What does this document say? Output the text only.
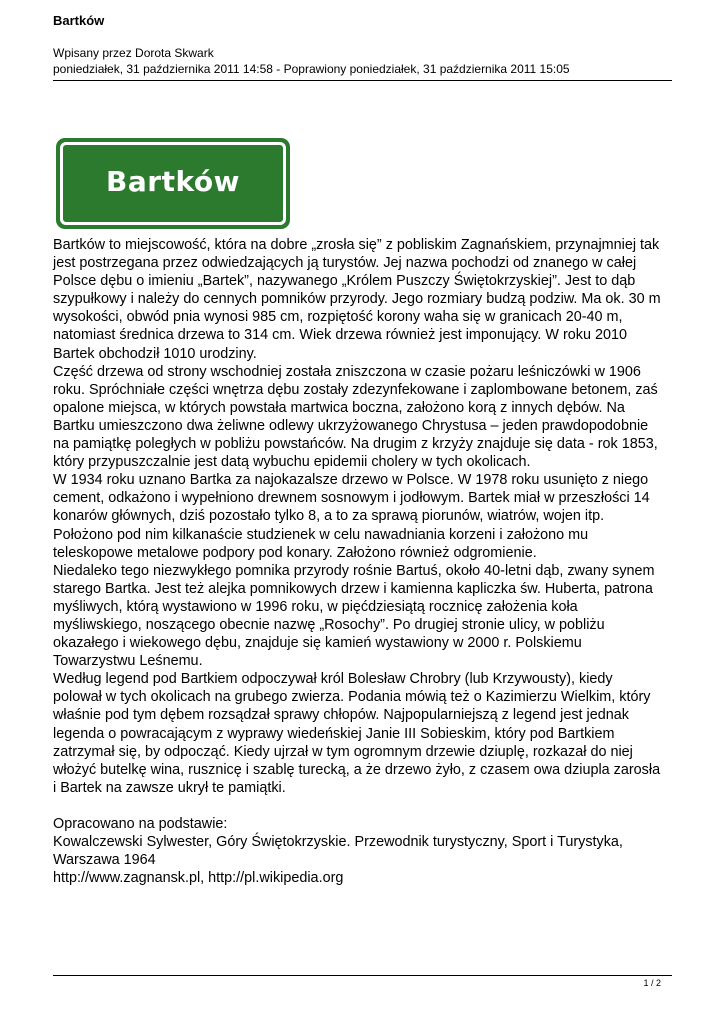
Bartków
Wpisany przez Dorota Skwark
poniedziałek, 31 października 2011 14:58 - Poprawiony poniedziałek, 31 października 2011 15:05
Bartków
Bartków to miejscowość, która na dobre „zrosła się” z pobliskim Zagnańskiem, przynajmniej tak
jest postrzegana przez odwiedzających ją turystów. Jej nazwa pochodzi od znanego w całej
Polsce dębu o imieniu „Bartek”, nazywanego „Królem Puszczy Świętokrzyskiej”. Jest to dąb
szypułkowy i należy do cennych pomników przyrody. Jego rozmiary budzą podziw. Ma ok. 30 m
wysokości, obwód pnia wynosi 985 cm, rozpiętość korony waha się w granicach 20-40 m,
natomiast średnica drzewa to 314 cm. Wiek drzewa również jest imponujący. W roku 2010
Bartek obchodził 1010 urodziny.
Część drzewa od strony wschodniej została zniszczona w czasie pożaru leśniczówki w 1906
roku. Spróchniałe części wnętrza dębu zostały zdezynfekowane i zaplombowane betonem, zaś
opalone miejsca, w których powstała martwica boczna, założono korą z innych dębów. Na
Bartku umieszczono dwa żeliwne odlewy ukrzyżowanego Chrystusa – jeden prawdopodobnie
na pamiątkę poległych w pobliżu powstańców. Na drugim z krzyży znajduje się data - rok 1853,
który przypuszczalnie jest datą wybuchu epidemii cholery w tych okolicach.
W 1934 roku uznano Bartka za najokazalsze drzewo w Polsce. W 1978 roku usunięto z niego
cement, odkażono i wypełniono drewnem sosnowym i jodłowym. Bartek miał w przeszłości 14
konarów głównych, dziś pozostało tylko 8, a to za sprawą piorunów, wiatrów, wojen itp.
Położono pod nim kilkanaście studzienek w celu nawadniania korzeni i założono mu
teleskopowe metalowe podpory pod konary. Założono również odgromienie.
Niedaleko tego niezwykłego pomnika przyrody rośnie Bartuś, około 40-letni dąb, zwany synem
starego Bartka. Jest też alejka pomnikowych drzew i kamienna kapliczka św. Huberta, patrona
myśliwych, którą wystawiono w 1996 roku, w pięćdziesiątą rocznicę założenia koła
myśliwskiego, noszącego obecnie nazwę „Rosochy”. Po drugiej stronie ulicy, w pobliżu
okazałego i wiekowego dębu, znajduje się kamień wystawiony w 2000 r. Polskiemu
Towarzystwu Leśnemu.
Według legend pod Bartkiem odpoczywał król Bolesław Chrobry (lub Krzywousty), kiedy
polował w tych okolicach na grubego zwierza. Podania mówią też o Kazimierzu Wielkim, który
właśnie pod tym dębem rozsądzał sprawy chłopów. Najpopularniejszą z legend jest jednak
legenda o powracającym z wyprawy wiedeńskiej Janie III Sobieskim, który pod Bartkiem
zatrzymał się, by odpocząć. Kiedy ujrzał w tym ogromnym drzewie dziuplę, rozkazał do niej
włożyć butelkę wina, rusznicę i szablę turecką, a że drzewo żyło, z czasem owa dziupla zarosła
i Bartek na zawsze ukrył te pamiątki.
Opracowano na podstawie:
Kowalczewski Sylwester, Góry Świętokrzyskie. Przewodnik turystyczny, Sport i Turystyka,
Warszawa 1964
http://www.zagnansk.pl, http://pl.wikipedia.org
1 / 2
